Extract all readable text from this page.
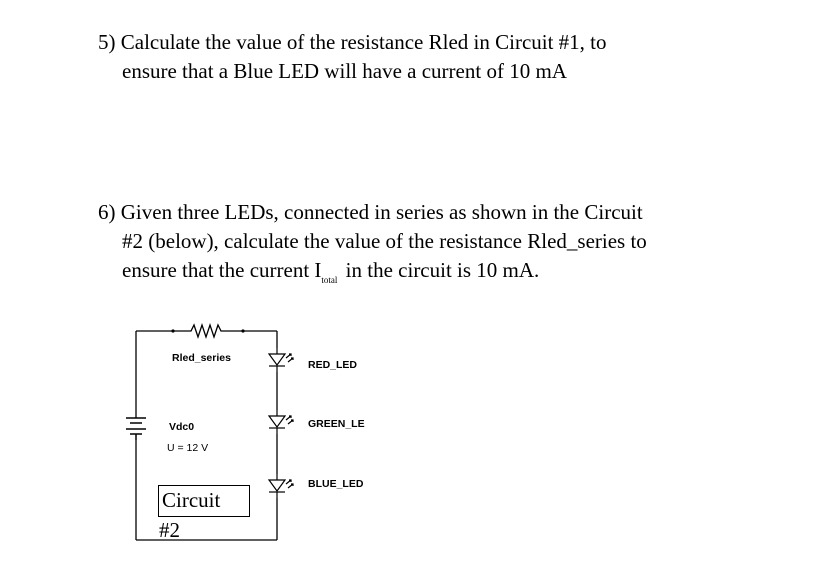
5) Calculate the value of the resistance Rled in Circuit #1, to
ensure that a Blue LED will have a current of 10 mA
6) Given three LEDs, connected in series as shown in the Circuit
#2 (below), calculate the value of the resistance Rled_series to
ensure that the current $I_{total}$ in the circuit is 10 mA.
Rled_series
Vdc0
U = 12 V
RED_LED
GREEN_LE
BLUE_LED
Circuit
#2
